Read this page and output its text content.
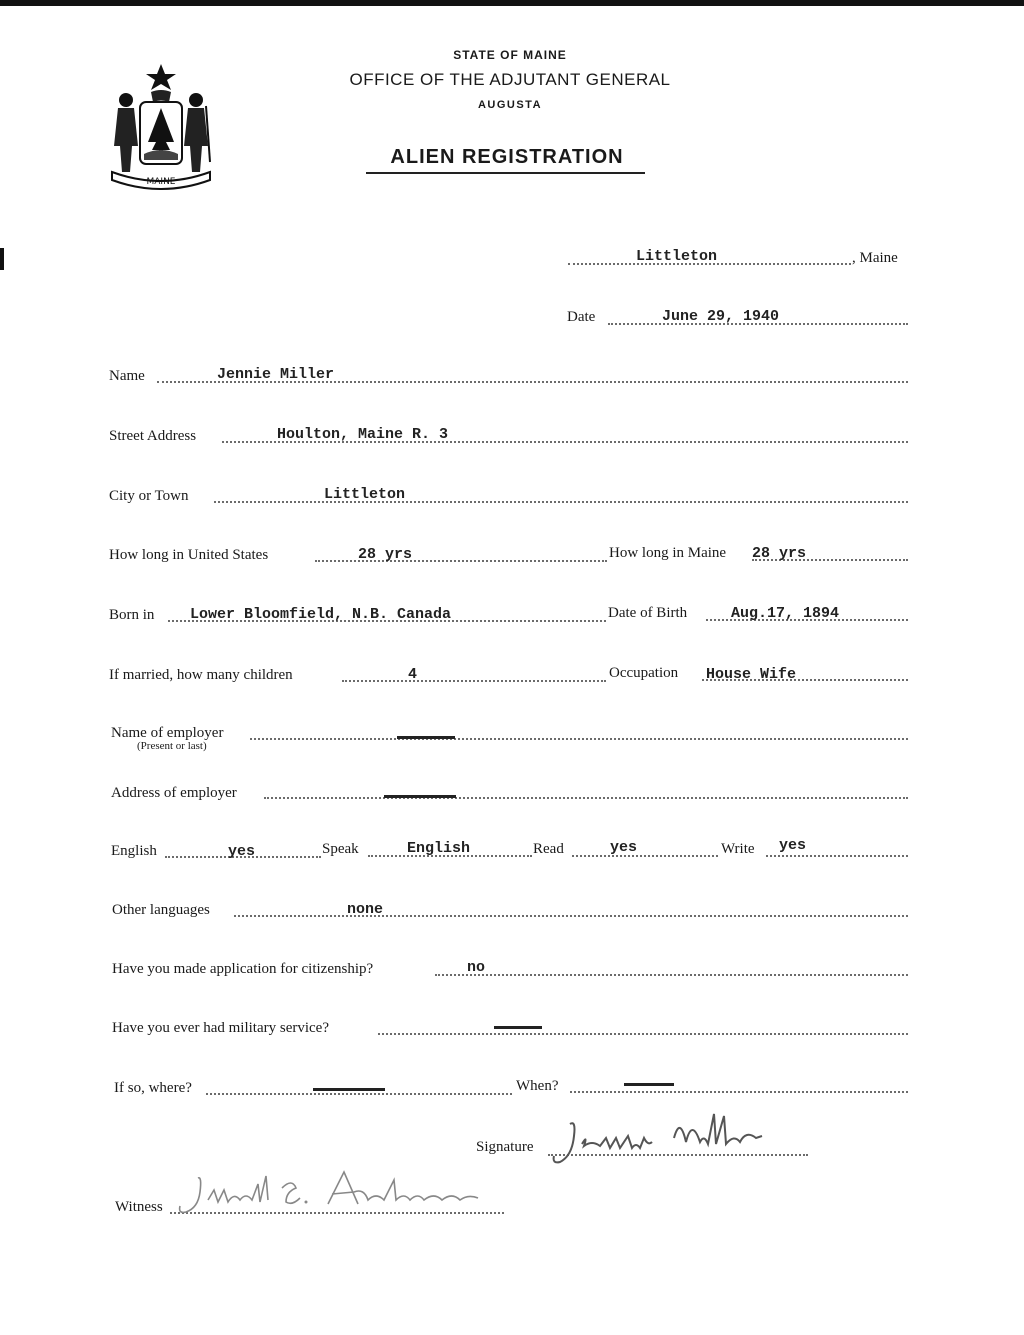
MAINE
STATE OF MAINE
OFFICE OF THE ADJUTANT GENERAL
AUGUSTA
ALIEN REGISTRATION
Littleton	, Maine
Date	June 29, 1940
Name	Jennie Miller
Street Address	Houlton, Maine R. 3
City or Town	Littleton
How long in United States	28 yrs	How long in Maine 28 yrs
Born in Lower Bloomfield, N.B. Canada	Date of Birth	Aug.17, 1894
If married, how many children	4	Occupation House Wife
Name of employer
(Present or last)
Address of employer
English	yes	Speak	English	Read	yes	Write yes
Other languages	none
Have you made application for citizenship?	no
Have you ever had military service?
If so, where?	When?
Signature
Witness
